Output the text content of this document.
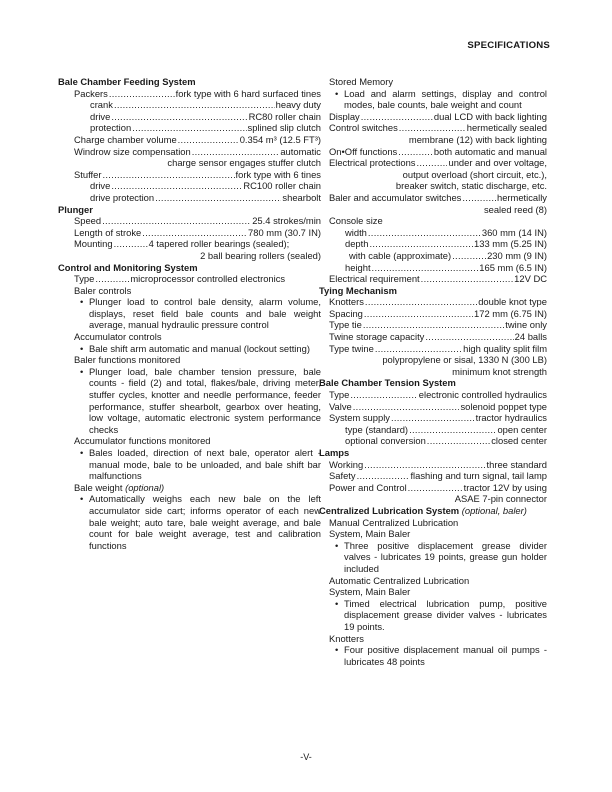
SPECIFICATIONS
Bale Chamber Feeding System
Packers .....	fork type with 6 hard surfaced tines
crank .....	heavy duty
drive .....	RC80 roller chain
protection .....	splined slip clutch
Charge chamber volume .....	0.354 m³ (12.5 FT³)
Windrow size compensation .....	automatic
charge sensor engages stuffer clutch
Stuffer .....	fork type with 6 tines
drive .....	RC100 roller chain
drive protection .....	shearbolt
Plunger
Speed .....	25.4 strokes/min
Length of stroke .....	780 mm (30.7 IN)
Mounting .....	4 tapered roller bearings (sealed);
2 ball bearing rollers (sealed)
Control and Monitoring System
Type .....	microprocessor controlled electronics
Baler controls
• Plunger load to control bale density, alarm volume, displays, reset field bale counts and bale weight average, manual hydraulic pressure control
Accumulator controls
• Bale shift arm automatic and manual (lockout setting)
Baler functions monitored
• Plunger load, bale chamber tension pressure, bale counts - field (2) and total, flakes/bale, driving meter, stuffer cycles, knotter and needle performance, feeder performance, stuffer shearbolt, gearbox over heating, low voltage, automatic electronic system performance checks
Accumulator functions monitored
• Bales loaded, direction of next bale, operator alert - manual mode, bale to be unloaded, and bale shift bar malfunctions
Bale weight (optional)
• Automatically weighs each new bale on the left accumulator side cart; informs operator of each new bale weight; auto tare, bale weight average, and bale count for bale weight average, test and calibration functions
Stored Memory
• Load and alarm settings, display and control modes, bale counts, bale weight and count
Display .....	dual LCD with back lighting
Control switches .....	hermetically sealed
membrane (12) with back lighting
On•Off functions .....	both automatic and manual
Electrical protections .....	under and over voltage,
output overload (short circuit, etc.),
breaker switch, static discharge, etc.
Baler and accumulator switches .....	hermetically
sealed reed (8)
Console size
width .....	360 mm (14 IN)
depth .....	133 mm (5.25 IN)
with cable (approximate) .....	230 mm (9 IN)
height .....	165 mm (6.5 IN)
Electrical requirement .....	12V DC
Tying Mechanism
Knotters .....	double knot type
Spacing .....	172 mm (6.75 IN)
Type tie .....	twine only
Twine storage capacity .....	24 balls
Type twine .....	high quality split film
polypropylene or sisal, 1330 N (300 LB)
minimum knot strength
Bale Chamber Tension System
Type .....	electronic controlled hydraulics
Valve .....	solenoid poppet type
System supply .....	tractor hydraulics
type (standard) .....	open center
optional conversion .....	closed center
Lamps
Working .....	three standard
Safety .....	flashing and turn signal, tail lamp
Power and Control .....	tractor 12V by using
ASAE 7-pin connector
Centralized Lubrication System (optional, baler)
Manual Centralized Lubrication
System, Main Baler
• Three positive displacement grease divider valves - lubricates 19 points, grease gun holder included
Automatic Centralized Lubrication
System, Main Baler
• Timed electrical lubrication pump, positive displacement grease divider valves - lubricates 19 points.
Knotters
• Four positive displacement manual oil pumps - lubricates 48 points
-V-
